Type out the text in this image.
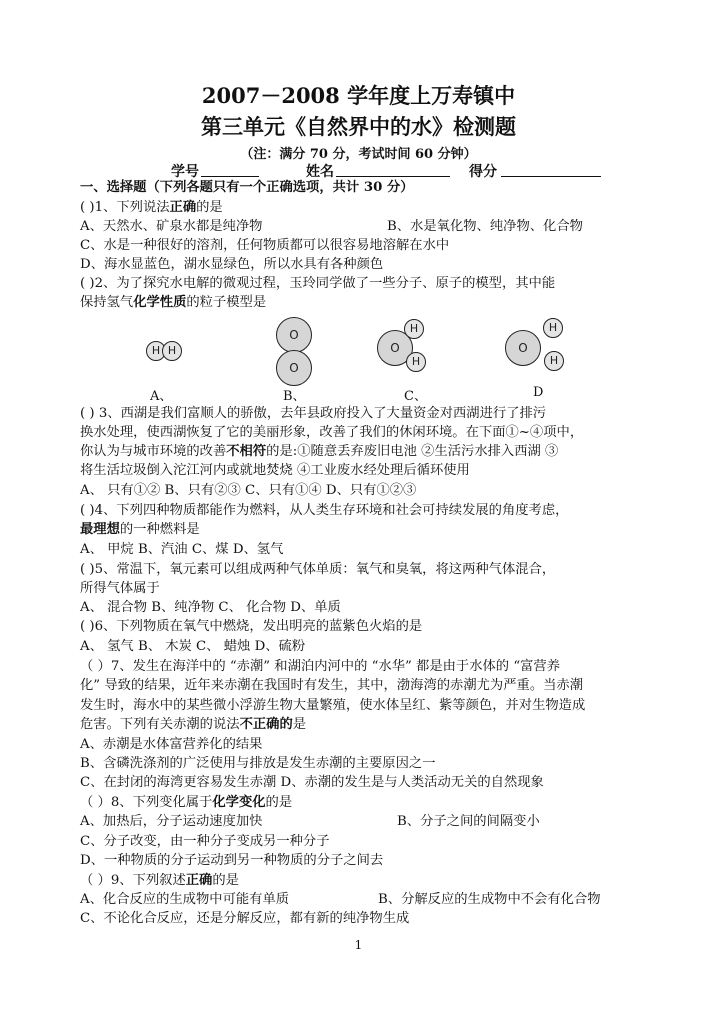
2007－2008 学年度上万寿镇中
第三单元《自然界中的水》检测题
（注：满分 70 分，考试时间 60 分钟）
学号	姓名	得分
一、选择题（下列各题只有一个正确选项，共计 30 分）
( )1、下列说法正确的是
A、天然水、矿泉水都是纯净物	B、水是氧化物、纯净物、化合物
C、水是一种很好的溶剂，任何物质都可以很容易地溶解在水中
D、海水显蓝色，湖水显绿色，所以水具有各种颜色
( )2、为了探究水电解的微观过程，玉玲同学做了一些分子、原子的模型，其中能
保持氢气化学性质的粒子模型是
H H
O
O
O
H
H
O
H
H
A、	B、	C、	D
( ) 3、西湖是我们富顺人的骄傲，去年县政府投入了大量资金对西湖进行了排污
换水处理，使西湖恢复了它的美丽形象，改善了我们的休闲环境。在下面①~④项中，
你认为与城市环境的改善不相符的是:①随意丢弃废旧电池 ②生活污水排入西湖 ③
将生活垃圾倒入沱江河内或就地焚烧 ④工业废水经处理后循环使用
A、 只有①② B、只有②③ C、只有①④ D、只有①②③
( )4、下列四种物质都能作为燃料，从人类生存环境和社会可持续发展的角度考虑，
最理想的一种燃料是
A、 甲烷 B、汽油 C、煤 D、氢气
( )5、常温下，氧元素可以组成两种气体单质：氧气和臭氧，将这两种气体混合，
所得气体属于
A、 混合物 B、纯净物 C、 化合物 D、单质
( )6、下列物质在氧气中燃烧，发出明亮的蓝紫色火焰的是
A、 氢气 B、 木炭 C、 蜡烛 D、硫粉
（ ）7、发生在海洋中的 “赤潮” 和湖泊内河中的 “水华” 都是由于水体的 “富营养
化” 导致的结果，近年来赤潮在我国时有发生，其中，渤海湾的赤潮尤为严重。当赤潮
发生时，海水中的某些微小浮游生物大量繁殖，使水体呈红、紫等颜色，并对生物造成
危害。下列有关赤潮的说法不正确的是
A、赤潮是水体富营养化的结果
B、含磷洗涤剂的广泛使用与排放是发生赤潮的主要原因之一
C、在封闭的海湾更容易发生赤潮 D、赤潮的发生是与人类活动无关的自然现象
（ ）8、下列变化属于化学变化的是
A、加热后，分子运动速度加快	B、分子之间的间隔变小
C、分子改变，由一种分子变成另一种分子
D、一种物质的分子运动到另一种物质的分子之间去
（ ）9、下列叙述正确的是
A、化合反应的生成物中可能有单质	B、分解反应的生成物中不会有化合物
C、不论化合反应，还是分解反应，都有新的纯净物生成
1
